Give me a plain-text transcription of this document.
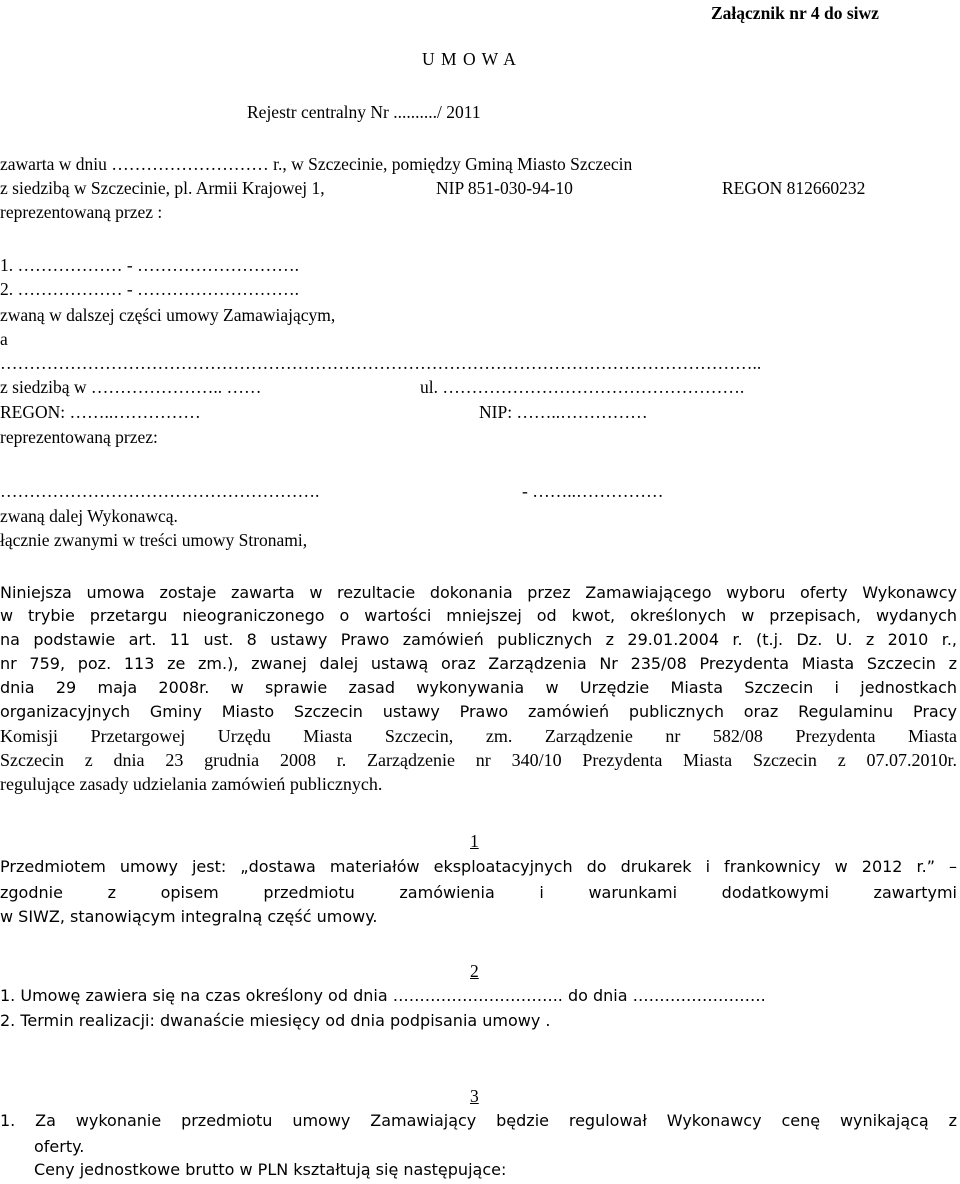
Załącznik nr 4 do siwz
U M O W A
Rejestr centralny Nr ........../ 2011
zawarta w dniu ……………………… r., w Szczecinie, pomiędzy Gminą Miasto Szczecin
z siedzibą w Szczecinie, pl. Armii Krajowej 1,	NIP 851-030-94-10	REGON 812660232
reprezentowaną przez :
1. ……………… - ……………………….
2. ……………… - ……………………….
zwaną w dalszej części umowy Zamawiającym,
a
…………………………………………………………………………………………………………………..
z siedzibą w ………………….. ……	ul. …………………………………………….
REGON: ……..……………	NIP: ……..……………
reprezentowaną przez:
……………………………………………….	- ……..……………
zwaną dalej Wykonawcą.
łącznie zwanymi w treści umowy Stronami,
Niniejsza umowa zostaje zawarta w rezultacie dokonania przez Zamawiającego wyboru oferty Wykonawcy
w trybie przetargu nieograniczonego o wartości mniejszej od kwot, określonych w przepisach, wydanych
na podstawie art. 11 ust. 8 ustawy Prawo zamówień publicznych z 29.01.2004 r. (t.j. Dz. U. z 2010 r.,
nr 759, poz. 113 ze zm.), zwanej dalej ustawą oraz Zarządzenia Nr 235/08 Prezydenta Miasta Szczecin z
dnia 29 maja 2008r. w sprawie zasad wykonywania w Urzędzie Miasta Szczecin i jednostkach
organizacyjnych Gminy Miasto Szczecin ustawy Prawo zamówień publicznych oraz Regulaminu Pracy
Komisji Przetargowej Urzędu Miasta Szczecin, zm. Zarządzenie nr 582/08 Prezydenta Miasta
Szczecin z dnia 23 grudnia 2008 r. Zarządzenie nr 340/10 Prezydenta Miasta Szczecin z 07.07.2010r.
regulujące zasady udzielania zamówień publicznych.
1
Przedmiotem umowy jest: „dostawa materiałów eksploatacyjnych do drukarek i frankownicy w 2012 r.” –
zgodnie z opisem przedmiotu zamówienia i warunkami dodatkowymi zawartymi
w SIWZ, stanowiącym integralną część umowy.
2
1. Umowę zawiera się na czas określony od dnia ………………………….. do dnia …………………….
2. Termin realizacji: dwanaście miesięcy od dnia podpisania umowy .
3
1. Za wykonanie przedmiotu umowy Zamawiający będzie regulował Wykonawcy cenę wynikającą z
oferty.
Ceny jednostkowe brutto w PLN kształtują się następujące:
